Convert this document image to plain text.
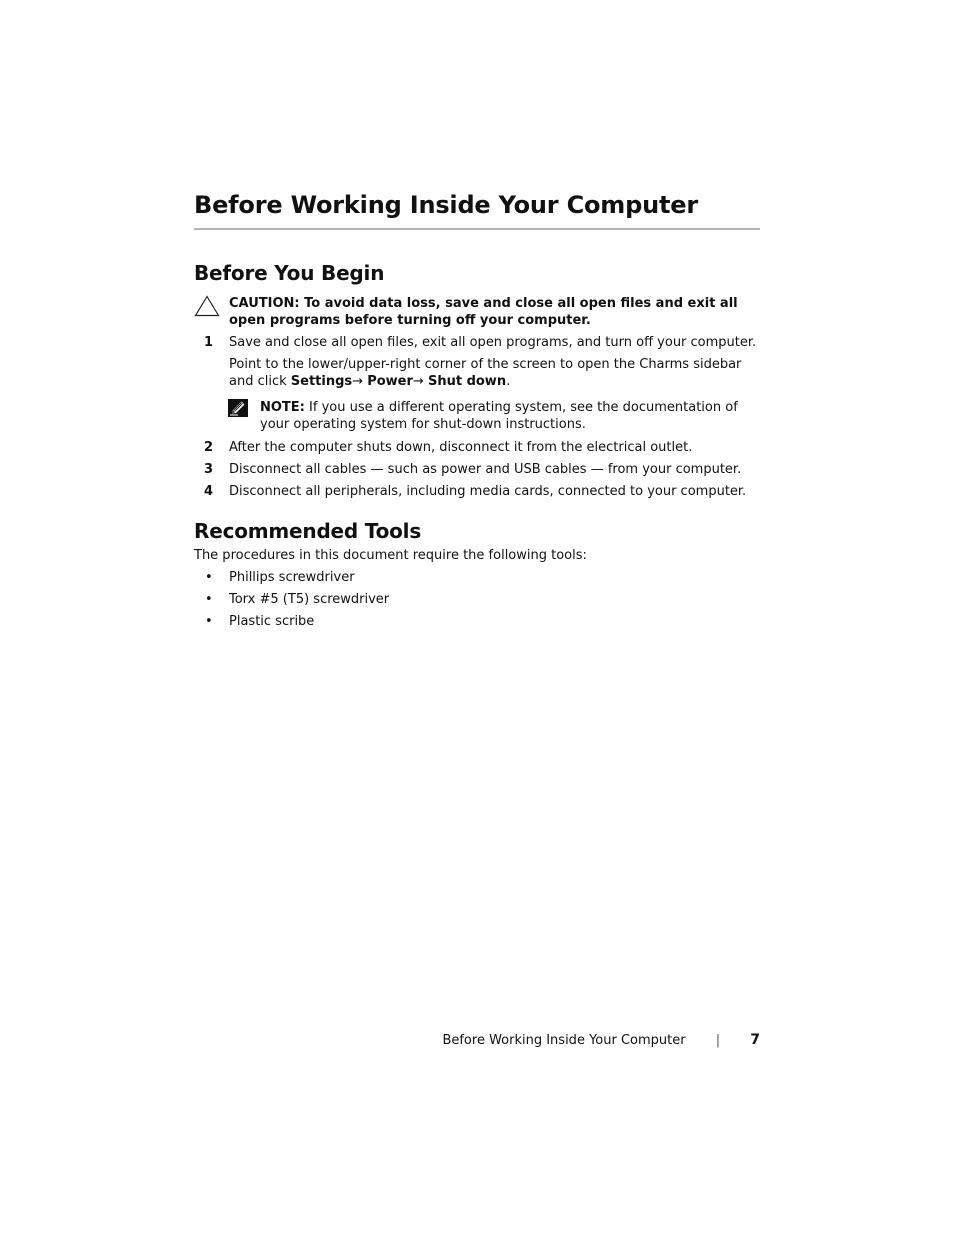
Before Working Inside Your Computer
Before You Begin
CAUTION: To avoid data loss, save and close all open files and exit all open programs before turning off your computer.
1 Save and close all open files, exit all open programs, and turn off your computer.

Point to the lower/upper-right corner of the screen to open the Charms sidebar and click Settings→ Power→ Shut down.

NOTE: If you use a different operating system, see the documentation of your operating system for shut-down instructions.
2 After the computer shuts down, disconnect it from the electrical outlet.

3 Disconnect all cables — such as power and USB cables — from your computer.

4 Disconnect all peripherals, including media cards, connected to your computer.

Recommended Tools
The procedures in this document require the following tools:
• Phillips screwdriver
• Torx #5 (T5) screwdriver
• Plastic scribe
Before Working Inside Your Computer | 7
